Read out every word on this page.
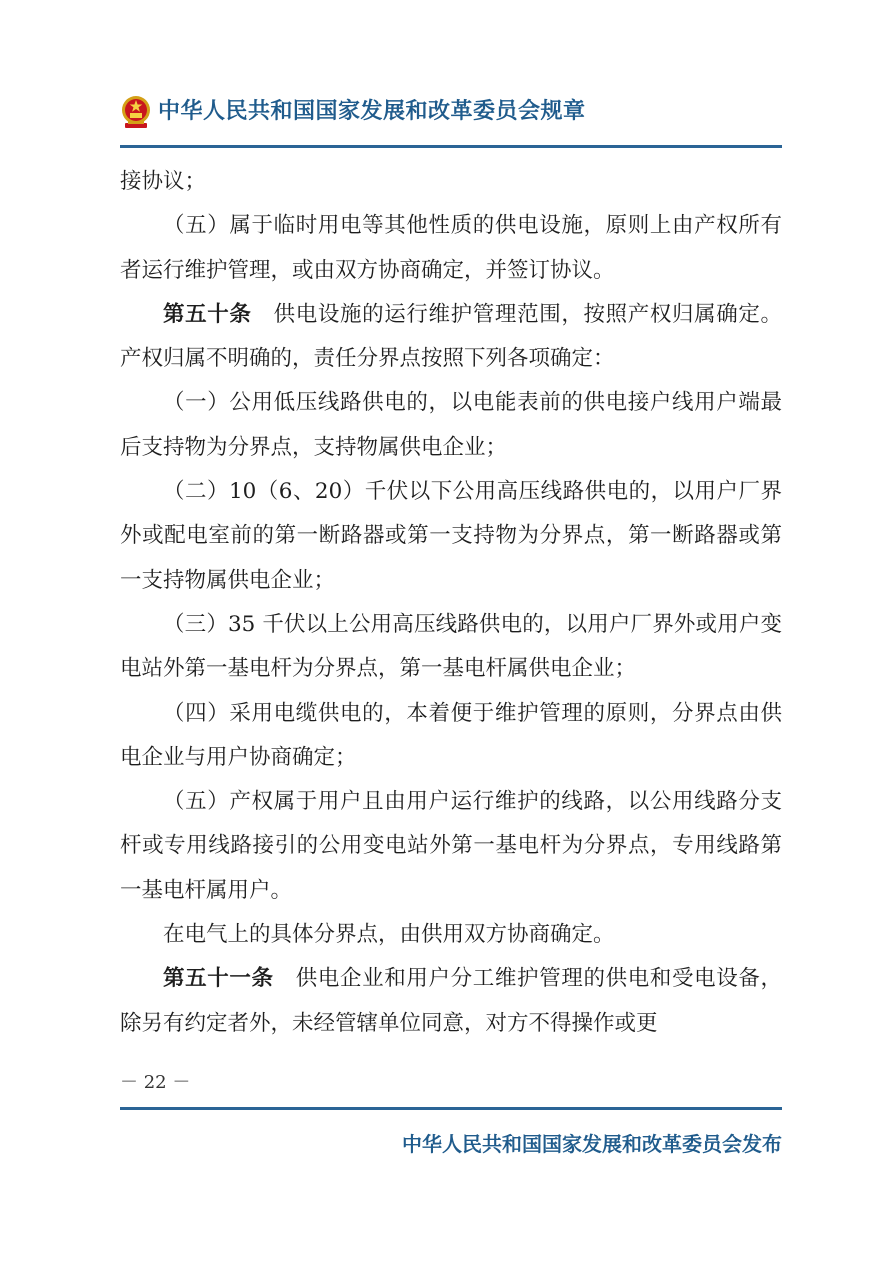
中华人民共和国国家发展和改革委员会规章

接协议；

（五）属于临时用电等其他性质的供电设施，原则上由产权所有者运行维护管理，或由双方协商确定，并签订协议。

第五十条　 供电设施的运行维护管理范围，按照产权归属确定。产权归属不明确的，责任分界点按照下列各项确定：

（一）公用低压线路供电的，以电能表前的供电接户线用户端最后支持物为分界点，支持物属供电企业；

（二）10（6、20）千伏以下公用高压线路供电的，以用户厂界外或配电室前的第一断路器或第一支持物为分界点，第一断路器或第一支持物属供电企业；

（三）35 千伏以上公用高压线路供电的，以用户厂界外或用户变电站外第一基电杆为分界点，第一基电杆属供电企业；

（四）采用电缆供电的，本着便于维护管理的原则，分界点由供电企业与用户协商确定；

（五）产权属于用户且由用户运行维护的线路，以公用线路分支杆或专用线路接引的公用变电站外第一基电杆为分界点，专用线路第一基电杆属用户。

在电气上的具体分界点，由供用双方协商确定。

第五十一条　 供电企业和用户分工维护管理的供电和受电设备，除另有约定者外，未经管辖单位同意，对方不得操作或更

－ 22 －
中华人民共和国国家发展和改革委员会发布
